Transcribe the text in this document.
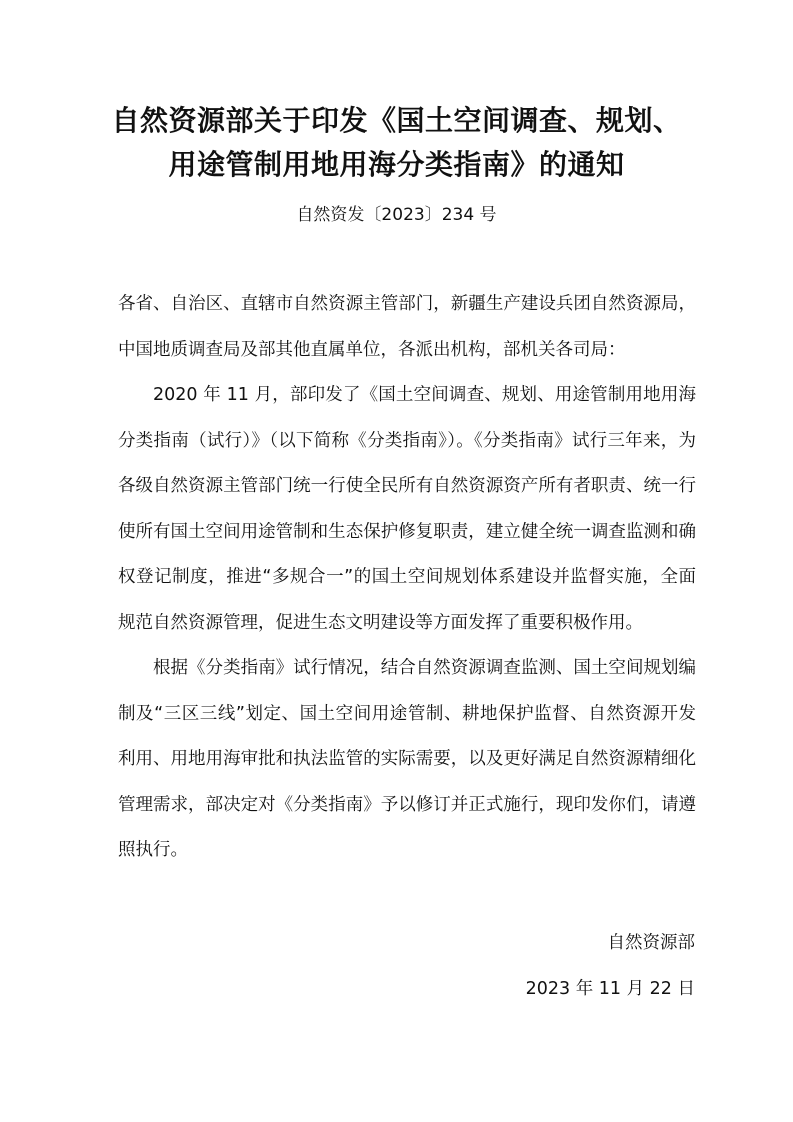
自然资源部关于印发《国土空间调查、规划、
用途管制用地用海分类指南》的通知
自然资发〔2023〕234 号

各省、自治区、直辖市自然资源主管部门，新疆生产建设兵团自然资源局，中国地质调查局及部其他直属单位，各派出机构，部机关各司局：

2020 年 11 月，部印发了《国土空间调查、规划、用途管制用地用海分类指南（试行）》（以下简称《分类指南》）。《分类指南》试行三年来，为各级自然资源主管部门统一行使全民所有自然资源资产所有者职责、统一行使所有国土空间用途管制和生态保护修复职责，建立健全统一调查监测和确权登记制度，推进“多规合一”的国土空间规划体系建设并监督实施，全面规范自然资源管理，促进生态文明建设等方面发挥了重要积极作用。

根据《分类指南》试行情况，结合自然资源调查监测、国土空间规划编制及“三区三线”划定、国土空间用途管制、耕地保护监督、自然资源开发利用、用地用海审批和执法监管的实际需要，以及更好满足自然资源精细化管理需求，部决定对《分类指南》予以修订并正式施行，现印发你们，请遵照执行。

自然资源部
2023 年 11 月 22 日
